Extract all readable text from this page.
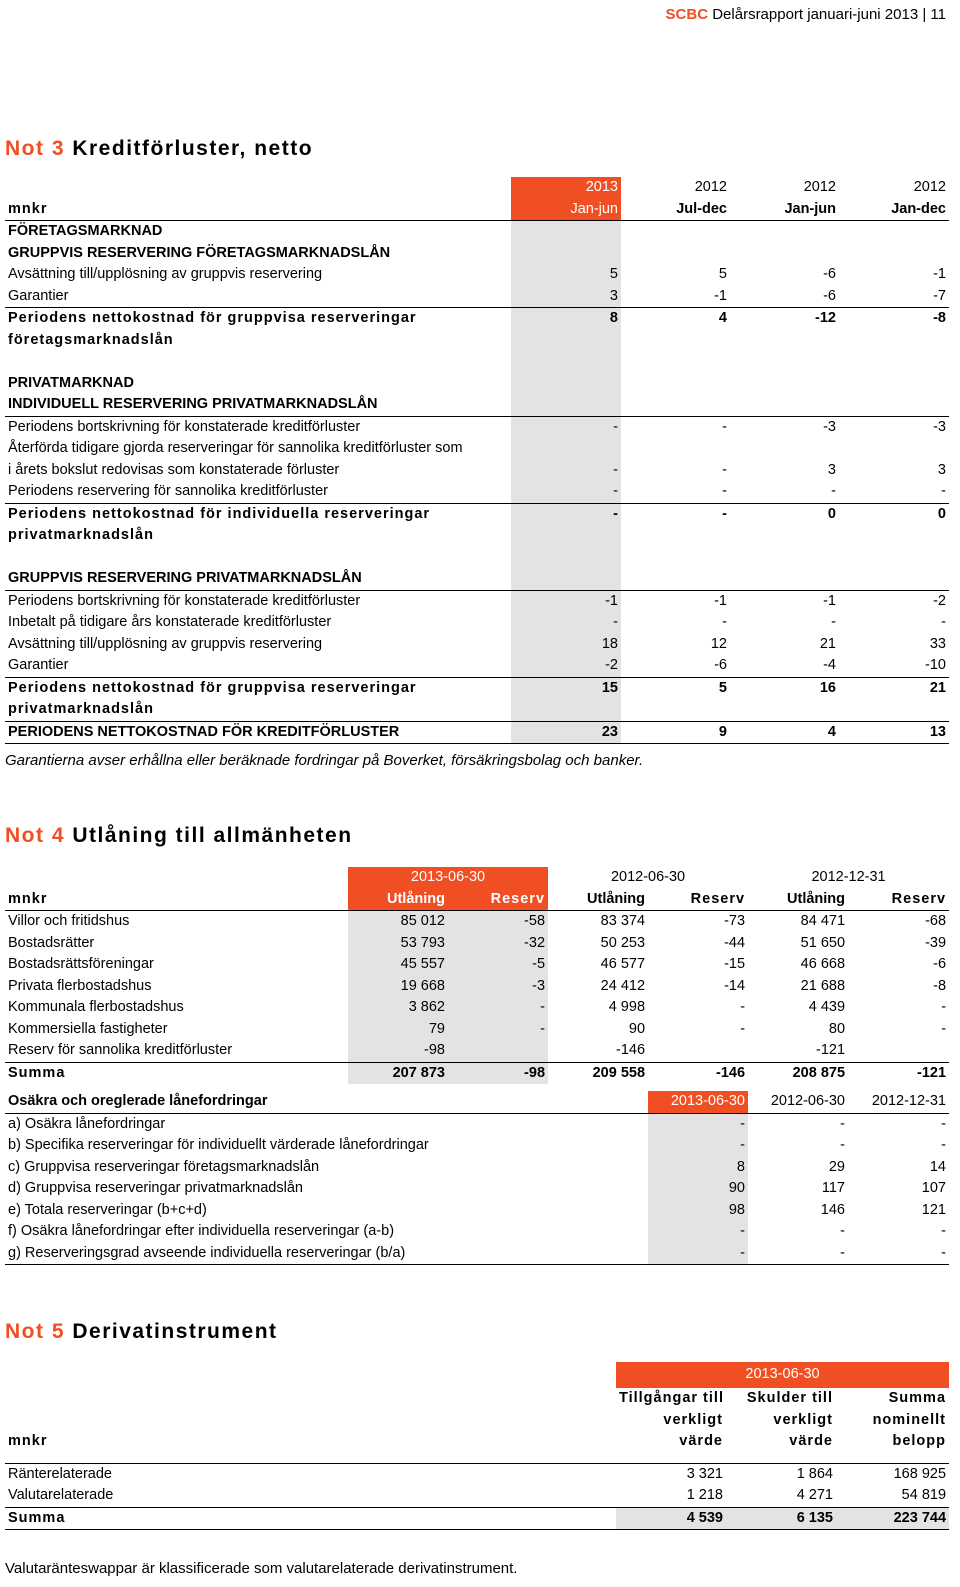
SCBC Delårsrapport januari-juni 2013 | 11
Not 3 Kreditförluster, netto
	2013	2012	2012	2012
mnkr	Jan-jun	Jul-dec	Jan-jun	Jan-dec
FÖRETAGSMARKNAD				
GRUPPVIS RESERVERING FÖRETAGSMARKNADSLÅN				
Avsättning till/upplösning av gruppvis reservering	5	5	-6	-1
Garantier	3	-1	-6	-7
Periodens nettokostnad för gruppvisa reserveringar	8	4	-12	-8
företagsmarknadslån				

PRIVATMARKNAD				
INDIVIDUELL RESERVERING PRIVATMARKNADSLÅN				
Periodens bortskrivning för konstaterade kreditförluster	-	-	-3	-3
Återförda tidigare gjorda reserveringar för sannolika kreditförluster som				
i årets bokslut redovisas som konstaterade förluster	-	-	3	3
Periodens reservering för sannolika kreditförluster	-	-	-	-
Periodens nettokostnad för individuella reserveringar	-	-	0	0
privatmarknadslån				

GRUPPVIS RESERVERING PRIVATMARKNADSLÅN				
Periodens bortskrivning för konstaterade kreditförluster	-1	-1	-1	-2
Inbetalt på tidigare års konstaterade kreditförluster	-	-	-	-
Avsättning till/upplösning av gruppvis reservering	18	12	21	33
Garantier	-2	-6	-4	-10
Periodens nettokostnad för gruppvisa reserveringar	15	5	16	21
privatmarknadslån				
PERIODENS NETTOKOSTNAD FÖR KREDITFÖRLUSTER	23	9	4	13
Garantierna avser erhållna eller beräknade fordringar på Boverket, försäkringsbolag och banker.
Not 4 Utlåning till allmänheten
	2013-06-30		2012-06-30		2012-12-31	
mnkr	Utlåning	Reserv	Utlåning	Reserv	Utlåning	Reserv
Villor och fritidshus	85 012	-58	83 374	-73	84 471	-68
Bostadsrätter	53 793	-32	50 253	-44	51 650	-39
Bostadsrättsföreningar	45 557	-5	46 577	-15	46 668	-6
Privata flerbostadshus	19 668	-3	24 412	-14	21 688	-8
Kommunala flerbostadshus	3 862	-	4 998	-	4 439	-
Kommersiella fastigheter	79	-	90	-	80	-
Reserv för sannolika kreditförluster	-98		-146		-121	
Summa	207 873	-98	209 558	-146	208 875	-121
Osäkra och oreglerade lånefordringar	2013-06-30	2012-06-30	2012-12-31
a) Osäkra lånefordringar	-	-	-
b) Specifika reserveringar för individuellt värderade lånefordringar	-	-	-
c) Gruppvisa reserveringar företagsmarknadslån	8	29	14
d) Gruppvisa reserveringar privatmarknadslån	90	117	107
e) Totala reserveringar (b+c+d)	98	146	121
f) Osäkra lånefordringar efter individuella reserveringar (a-b)	-	-	-
g) Reserveringsgrad avseende individuella reserveringar (b/a)	-	-	-
Not 5 Derivatinstrument
	2013-06-30		
	Tillgångar till	Skulder till	Summa
	verkligt	verkligt	nominellt
mnkr	värde	värde	belopp

Ränterelaterade	3 321	1 864	168 925
Valutarelaterade	1 218	4 271	54 819
Summa	4 539	6 135	223 744
Valutaränteswappar är klassificerade som valutarelaterade derivatinstrument.
